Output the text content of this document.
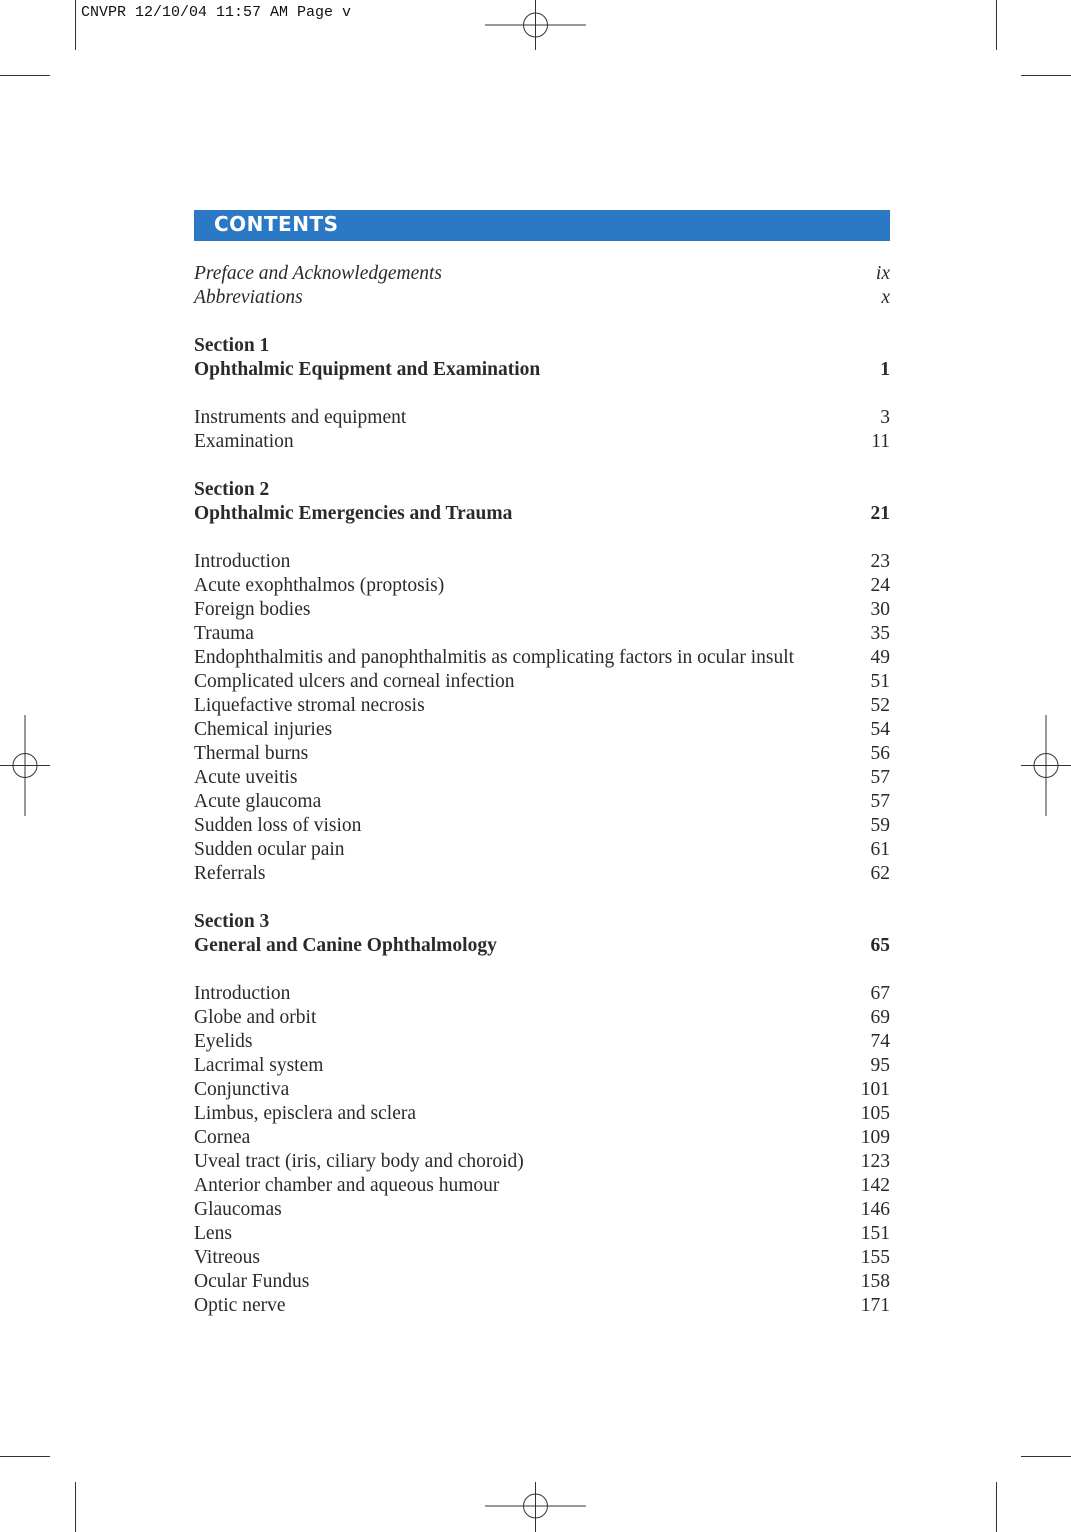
CNVPR 12/10/04 11:57 AM Page v
CONTENTS
Preface and Acknowledgements	ix
Abbreviations	x
Section 1
Ophthalmic Equipment and Examination	1
Instruments and equipment	3
Examination	11
Section 2
Ophthalmic Emergencies and Trauma	21
Introduction	23
Acute exophthalmos (proptosis)	24
Foreign bodies	30
Trauma	35
Endophthalmitis and panophthalmitis as complicating factors in ocular insult	49
Complicated ulcers and corneal infection	51
Liquefactive stromal necrosis	52
Chemical injuries	54
Thermal burns	56
Acute uveitis	57
Acute glaucoma	57
Sudden loss of vision	59
Sudden ocular pain	61
Referrals	62
Section 3
General and Canine Ophthalmology	65
Introduction	67
Globe and orbit	69
Eyelids	74
Lacrimal system	95
Conjunctiva	101
Limbus, episclera and sclera	105
Cornea	109
Uveal tract (iris, ciliary body and choroid)	123
Anterior chamber and aqueous humour	142
Glaucomas	146
Lens	151
Vitreous	155
Ocular Fundus	158
Optic nerve	171
